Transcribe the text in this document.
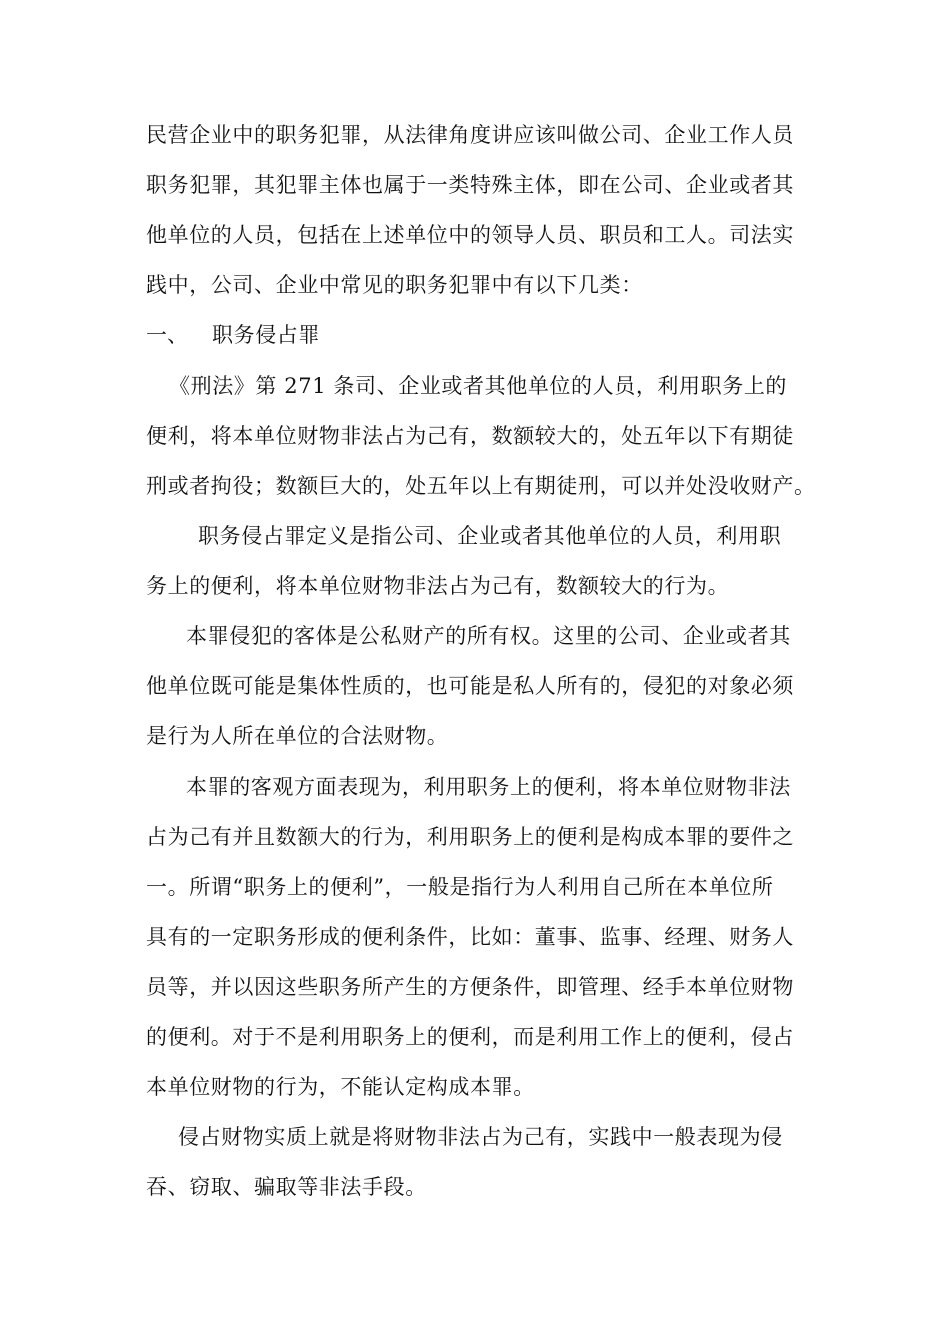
民营企业中的职务犯罪，从法律角度讲应该叫做公司、企业工作人员
职务犯罪，其犯罪主体也属于一类特殊主体，即在公司、企业或者其
他单位的人员，包括在上述单位中的领导人员、职员和工人。司法实
践中，公司、企业中常见的职务犯罪中有以下几类：
一、 职务侵占罪
《刑法》第 271 条司、企业或者其他单位的人员，利用职务上的
便利，将本单位财物非法占为己有，数额较大的，处五年以下有期徒
刑或者拘役；数额巨大的，处五年以上有期徒刑，可以并处没收财产。
职务侵占罪定义是指公司、企业或者其他单位的人员，利用职
务上的便利，将本单位财物非法占为己有，数额较大的行为。
本罪侵犯的客体是公私财产的所有权。这里的公司、企业或者其
他单位既可能是集体性质的，也可能是私人所有的，侵犯的对象必须
是行为人所在单位的合法财物。
本罪的客观方面表现为，利用职务上的便利，将本单位财物非法
占为己有并且数额大的行为，利用职务上的便利是构成本罪的要件之
一。所谓“职务上的便利”，一般是指行为人利用自己所在本单位所
具有的一定职务形成的便利条件，比如：董事、监事、经理、财务人
员等，并以因这些职务所产生的方便条件，即管理、经手本单位财物
的便利。对于不是利用职务上的便利，而是利用工作上的便利，侵占
本单位财物的行为，不能认定构成本罪。
侵占财物实质上就是将财物非法占为己有，实践中一般表现为侵
吞、窃取、骗取等非法手段。
